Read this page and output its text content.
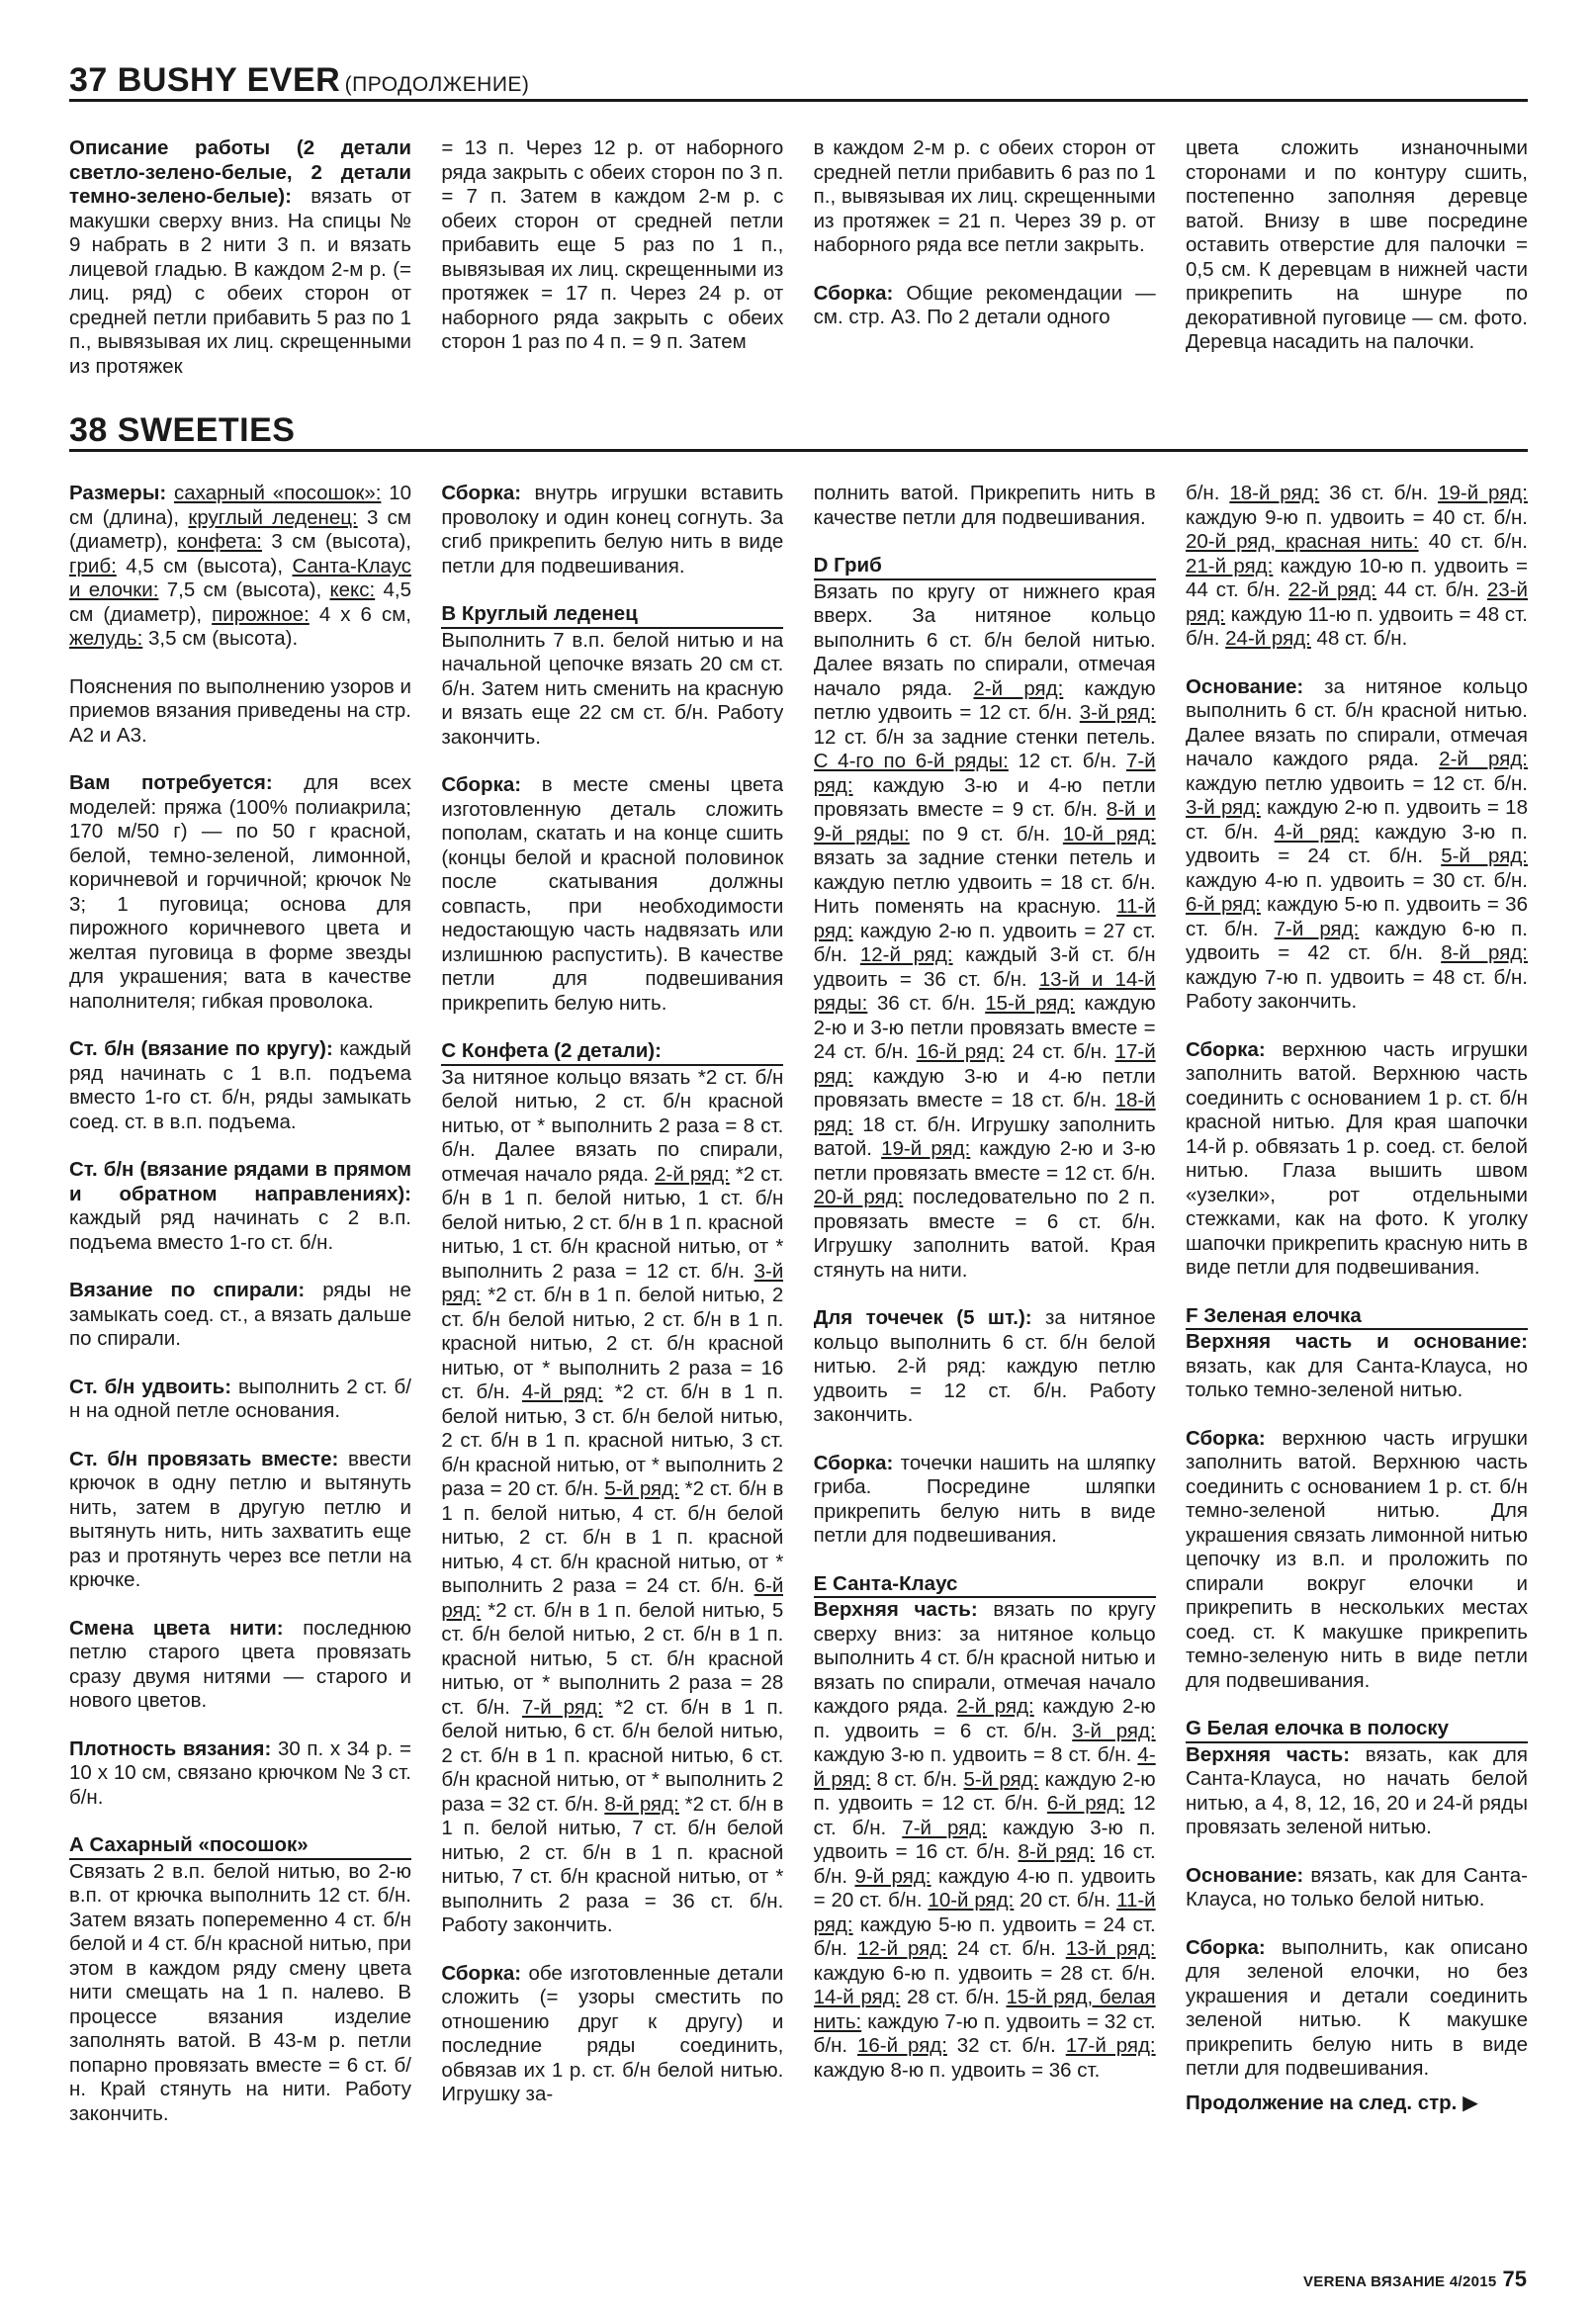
37 BUSHY EVER (ПРОДОЛЖЕНИЕ)

Описание работы (2 детали светло-зелено-белые, 2 детали темно-зелено-белые): вязать от макушки сверху вниз. На спицы № 9 набрать в 2 нити 3 п. и вязать лицевой гладью. В каждом 2-м р. (= лиц. ряд) с обеих сторон от средней петли прибавить 5 раз по 1 п., вывязывая их лиц. скрещенными из протяжек

= 13 п. Через 12 р. от наборного ряда закрыть с обеих сторон по 3 п. = 7 п. Затем в каждом 2-м р. с обеих сторон от средней петли прибавить еще 5 раз по 1 п., вывязывая их лиц. скрещенными из протяжек = 17 п. Через 24 р. от наборного ряда закрыть с обеих сторон 1 раз по 4 п. = 9 п. Затем

в каждом 2-м р. с обеих сторон от средней петли прибавить 6 раз по 1 п., вывязывая их лиц. скрещенными из протяжек = 21 п. Через 39 р. от наборного ряда все петли закрыть.

Сборка: Общие рекомендации — см. стр. А3. По 2 детали одного

цвета сложить изнаночными сторонами и по контуру сшить, постепенно заполняя деревце ватой. Внизу в шве посредине оставить отверстие для палочки = 0,5 см. К деревцам в нижней части прикрепить на шнуре по декоративной пуговице — см. фото. Деревца насадить на палочки.

38 SWEETIES

Размеры: сахарный «посошок»: 10 см (длина), круглый леденец: 3 см (диаметр), конфета: 3 см (высота), гриб: 4,5 см (высота), Санта-Клаус и елочки: 7,5 см (высота), кекс: 4,5 см (диаметр), пирожное: 4 х 6 см, желудь: 3,5 см (высота).

Пояснения по выполнению узоров и приемов вязания приведены на стр. А2 и А3.

Вам потребуется: для всех моделей: пряжа (100% полиакрила; 170 м/50 г) — по 50 г красной, белой, темно-зеленой, лимонной, коричневой и горчичной; крючок № 3; 1 пуговица; основа для пирожного коричневого цвета и желтая пуговица в форме звезды для украшения; вата в качестве наполнителя; гибкая проволока.

Ст. б/н (вязание по кругу): каждый ряд начинать с 1 в.п. подъема вместо 1-го ст. б/н, ряды замыкать соед. ст. в в.п. подъема.

Ст. б/н (вязание рядами в прямом и обратном направлениях): каждый ряд начинать с 2 в.п. подъема вместо 1-го ст. б/н.

Вязание по спирали: ряды не замыкать соед. ст., а вязать дальше по спирали.

Ст. б/н удвоить: выполнить 2 ст. б/н на одной петле основания.

Ст. б/н провязать вместе: ввести крючок в одну петлю и вытянуть нить, затем в другую петлю и вытянуть нить, нить захватить еще раз и протянуть через все петли на крючке.

Смена цвета нити: последнюю петлю старого цвета провязать сразу двумя нитями — старого и нового цветов.

Плотность вязания: 30 п. х 34 р. = 10 х 10 см, связано крючком № 3 ст. б/н.

А Сахарный «посошок»

Связать 2 в.п. белой нитью, во 2-ю в.п. от крючка выполнить 12 ст. б/н. Затем вязать попеременно 4 ст. б/н белой и 4 ст. б/н красной нитью, при этом в каждом ряду смену цвета нити смещать на 1 п. налево. В процессе вязания изделие заполнять ватой. В 43-м р. петли попарно провязать вместе = 6 ст. б/н. Край стянуть на нити. Работу закончить.

Сборка: внутрь игрушки вставить проволоку и один конец согнуть. За сгиб прикрепить белую нить в виде петли для подвешивания.

В Круглый леденец

Выполнить 7 в.п. белой нитью и на начальной цепочке вязать 20 см ст. б/н. Затем нить сменить на красную и вязать еще 22 см ст. б/н. Работу закончить.

Сборка: в месте смены цвета изготовленную деталь сложить пополам, скатать и на конце сшить (концы белой и красной половинок после скатывания должны совпасть, при необходимости недостающую часть надвязать или излишнюю распустить). В качестве петли для подвешивания прикрепить белую нить.

С Конфета (2 детали):

За нитяное кольцо вязать *2 ст. б/н белой нитью, 2 ст. б/н красной нитью, от * выполнить 2 раза = 8 ст. б/н. Далее вязать по спирали, отмечая начало ряда. 2-й ряд: *2 ст. б/н в 1 п. белой нитью, 1 ст. б/н белой нитью, 2 ст. б/н в 1 п. красной нитью, 1 ст. б/н красной нитью, от * выполнить 2 раза = 12 ст. б/н. 3-й ряд: *2 ст. б/н в 1 п. белой нитью, 2 ст. б/н белой нитью, 2 ст. б/н в 1 п. красной нитью, 2 ст. б/н красной нитью, от * выполнить 2 раза = 16 ст. б/н. 4-й ряд: *2 ст. б/н в 1 п. белой нитью, 3 ст. б/н белой нитью, 2 ст. б/н в 1 п. красной нитью, 3 ст. б/н красной нитью, от * выполнить 2 раза = 20 ст. б/н. 5-й ряд: *2 ст. б/н в 1 п. белой нитью, 4 ст. б/н белой нитью, 2 ст. б/н в 1 п. красной нитью, 4 ст. б/н красной нитью, от * выполнить 2 раза = 24 ст. б/н. 6-й ряд: *2 ст. б/н в 1 п. белой нитью, 5 ст. б/н белой нитью, 2 ст. б/н в 1 п. красной нитью, 5 ст. б/н красной нитью, от * выполнить 2 раза = 28 ст. б/н. 7-й ряд: *2 ст. б/н в 1 п. белой нитью, 6 ст. б/н белой нитью, 2 ст. б/н в 1 п. красной нитью, 6 ст. б/н красной нитью, от * выполнить 2 раза = 32 ст. б/н. 8-й ряд: *2 ст. б/н в 1 п. белой нитью, 7 ст. б/н белой нитью, 2 ст. б/н в 1 п. красной нитью, 7 ст. б/н красной нитью, от * выполнить 2 раза = 36 ст. б/н. Работу закончить.

Сборка: обе изготовленные детали сложить (= узоры сместить по отношению друг к другу) и последние ряды соединить, обвязав их 1 р. ст. б/н белой нитью. Игрушку за-

полнить ватой. Прикрепить нить в качестве петли для подвешивания.

D Гриб

Вязать по кругу от нижнего края вверх. За нитяное кольцо выполнить 6 ст. б/н белой нитью. Далее вязать по спирали, отмечая начало ряда. 2-й ряд: каждую петлю удвоить = 12 ст. б/н. 3-й ряд: 12 ст. б/н за задние стенки петель. С 4-го по 6-й ряды: 12 ст. б/н. 7-й ряд: каждую 3-ю и 4-ю петли провязать вместе = 9 ст. б/н. 8-й и 9-й ряды: по 9 ст. б/н. 10-й ряд: вязать за задние стенки петель и каждую петлю удвоить = 18 ст. б/н. Нить поменять на красную. 11-й ряд: каждую 2-ю п. удвоить = 27 ст. б/н. 12-й ряд: каждый 3-й ст. б/н удвоить = 36 ст. б/н. 13-й и 14-й ряды: 36 ст. б/н. 15-й ряд: каждую 2-ю и 3-ю петли провязать вместе = 24 ст. б/н. 16-й ряд: 24 ст. б/н. 17-й ряд: каждую 3-ю и 4-ю петли провязать вместе = 18 ст. б/н. 18-й ряд: 18 ст. б/н. Игрушку заполнить ватой. 19-й ряд: каждую 2-ю и 3-ю петли провязать вместе = 12 ст. б/н. 20-й ряд: последовательно по 2 п. провязать вместе = 6 ст. б/н. Игрушку заполнить ватой. Края стянуть на нити.

Для точечек (5 шт.): за нитяное кольцо выполнить 6 ст. б/н белой нитью. 2-й ряд: каждую петлю удвоить = 12 ст. б/н. Работу закончить.

Сборка: точечки нашить на шляпку гриба. Посредине шляпки прикрепить белую нить в виде петли для подвешивания.

E Санта-Клаус

Верхняя часть: вязать по кругу сверху вниз: за нитяное кольцо выполнить 4 ст. б/н красной нитью и вязать по спирали, отмечая начало каждого ряда. 2-й ряд: каждую 2-ю п. удвоить = 6 ст. б/н. 3-й ряд: каждую 3-ю п. удвоить = 8 ст. б/н. 4-й ряд: 8 ст. б/н. 5-й ряд: каждую 2-ю п. удвоить = 12 ст. б/н. 6-й ряд: 12 ст. б/н. 7-й ряд: каждую 3-ю п. удвоить = 16 ст. б/н. 8-й ряд: 16 ст. б/н. 9-й ряд: каждую 4-ю п. удвоить = 20 ст. б/н. 10-й ряд: 20 ст. б/н. 11-й ряд: каждую 5-ю п. удвоить = 24 ст. б/н. 12-й ряд: 24 ст. б/н. 13-й ряд: каждую 6-ю п. удвоить = 28 ст. б/н. 14-й ряд: 28 ст. б/н. 15-й ряд, белая нить: каждую 7-ю п. удвоить = 32 ст. б/н. 16-й ряд: 32 ст. б/н. 17-й ряд: каждую 8-ю п. удвоить = 36 ст.

б/н. 18-й ряд: 36 ст. б/н. 19-й ряд: каждую 9-ю п. удвоить = 40 ст. б/н. 20-й ряд, красная нить: 40 ст. б/н. 21-й ряд: каждую 10-ю п. удвоить = 44 ст. б/н. 22-й ряд: 44 ст. б/н. 23-й ряд: каждую 11-ю п. удвоить = 48 ст. б/н. 24-й ряд: 48 ст. б/н.

Основание: за нитяное кольцо выполнить 6 ст. б/н красной нитью. Далее вязать по спирали, отмечая начало каждого ряда. 2-й ряд: каждую петлю удвоить = 12 ст. б/н. 3-й ряд: каждую 2-ю п. удвоить = 18 ст. б/н. 4-й ряд: каждую 3-ю п. удвоить = 24 ст. б/н. 5-й ряд: каждую 4-ю п. удвоить = 30 ст. б/н. 6-й ряд: каждую 5-ю п. удвоить = 36 ст. б/н. 7-й ряд: каждую 6-ю п. удвоить = 42 ст. б/н. 8-й ряд: каждую 7-ю п. удвоить = 48 ст. б/н. Работу закончить.

Сборка: верхнюю часть игрушки заполнить ватой. Верхнюю часть соединить с основанием 1 р. ст. б/н красной нитью. Для края шапочки 14-й р. обвязать 1 р. соед. ст. белой нитью. Глаза вышить швом «узелки», рот отдельными стежками, как на фото. К уголку шапочки прикрепить красную нить в виде петли для подвешивания.

F Зеленая елочка

Верхняя часть и основание: вязать, как для Санта-Клауса, но только темно-зеленой нитью.

Сборка: верхнюю часть игрушки заполнить ватой. Верхнюю часть соединить с основанием 1 р. ст. б/н темно-зеленой нитью. Для украшения связать лимонной нитью цепочку из в.п. и проложить по спирали вокруг елочки и прикрепить в нескольких местах соед. ст. К макушке прикрепить темно-зеленую нить в виде петли для подвешивания.

G Белая елочка в полоску

Верхняя часть: вязать, как для Санта-Клауса, но начать белой нитью, а 4, 8, 12, 16, 20 и 24-й ряды провязать зеленой нитью.

Основание: вязать, как для Санта-Клауса, но только белой нитью.

Сборка: выполнить, как описано для зеленой елочки, но без украшения и детали соединить зеленой нитью. К макушке прикрепить белую нить в виде петли для подвешивания.

Продолжение на след. стр. ▶
VERENA ВЯЗАНИЕ 4/2015 75
